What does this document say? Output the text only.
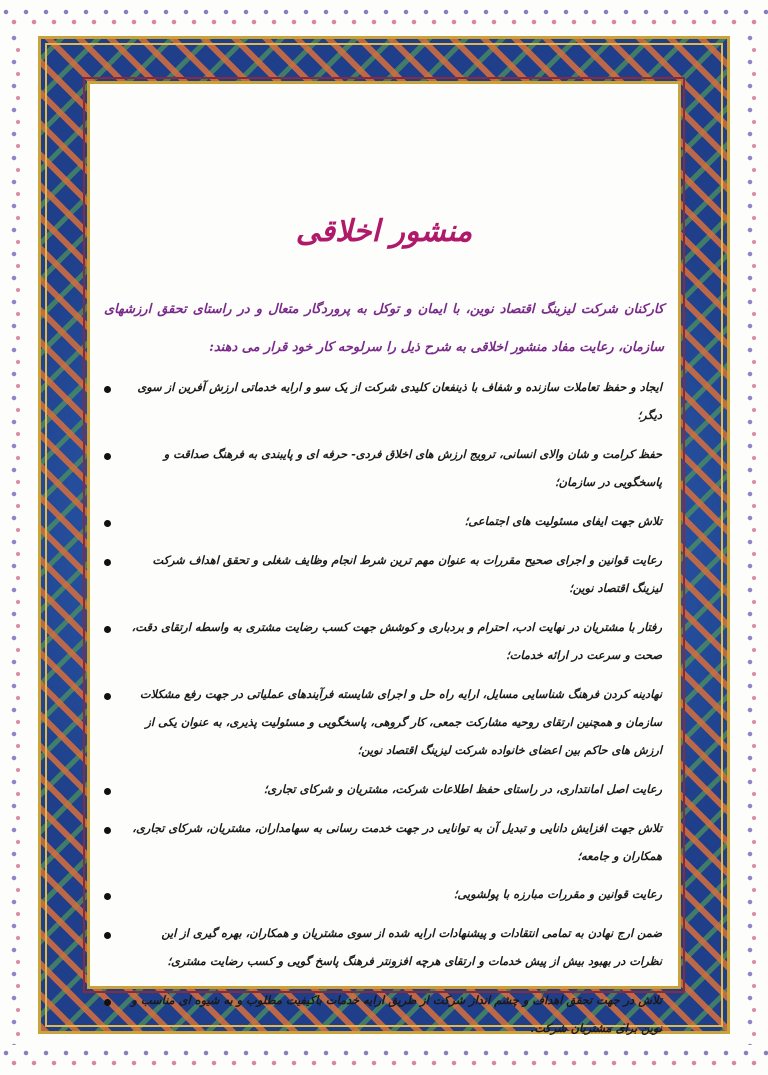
منشور اخلاقی

کارکنان شرکت لیزینگ اقتصاد نوین، با ایمان و توکل به پروردگار متعال و در راستای تحقق ارزشهای سازمان، رعایت مفاد منشور اخلاقی به شرح ذیل را سرلوحه کار خود قرار می دهند:

ایجاد و حفظ تعاملات سازنده و شفاف با ذینفعان کلیدی شرکت از یک سو و ارایه خدماتی ارزش آفرین از سوی دیگر؛
حفظ کرامت و شان والای انسانی، ترویج ارزش های اخلاق فردی- حرفه ای و پایبندی به فرهنگ صداقت و پاسخگویی در سازمان؛
تلاش جهت ایفای مسئولیت های اجتماعی؛
رعایت قوانین و اجرای صحیح مقررات به عنوان مهم ترین شرط انجام وظایف شغلی و تحقق اهداف شرکت لیزینگ اقتصاد نوین؛
رفتار با مشتریان در نهایت ادب، احترام و بردباری و کوشش جهت کسب رضایت مشتری به واسطه ارتقای دقت، صحت و سرعت در ارائه خدمات؛
نهادینه کردن فرهنگ شناسایی مسایل، ارایه راه حل و اجرای شایسته فرآیندهای عملیاتی در جهت رفع مشکلات سازمان و همچنین ارتقای روحیه مشارکت جمعی، کار گروهی، پاسخگویی و مسئولیت پذیری، به عنوان یکی از ارزش های حاکم بین اعضای خانواده شرکت لیزینگ اقتصاد نوین؛
رعایت اصل امانتداری، در راستای حفظ اطلاعات شرکت، مشتریان و شرکای تجاری؛
تلاش جهت افزایش دانایی و تبدیل آن به توانایی در جهت خدمت رسانی به سهامداران، مشتریان، شرکای تجاری، همکاران و جامعه؛
رعایت قوانین و مقررات مبارزه با پولشویی؛
ضمن ارج نهادن به تمامی انتقادات و پیشنهادات ارایه شده از سوی مشتریان و همکاران، بهره گیری از این نظرات در بهبود بیش از پیش خدمات و ارتقای هرچه افزونتر فرهنگ پاسخ گویی و کسب رضایت مشتری؛
تلاش در جهت تحقق اهداف و چشم انداز شرکت از طریق ارایه خدمات باکیفیت مطلوب و به شیوه ای مناسب و نوین برای مشتریان شرکت.
